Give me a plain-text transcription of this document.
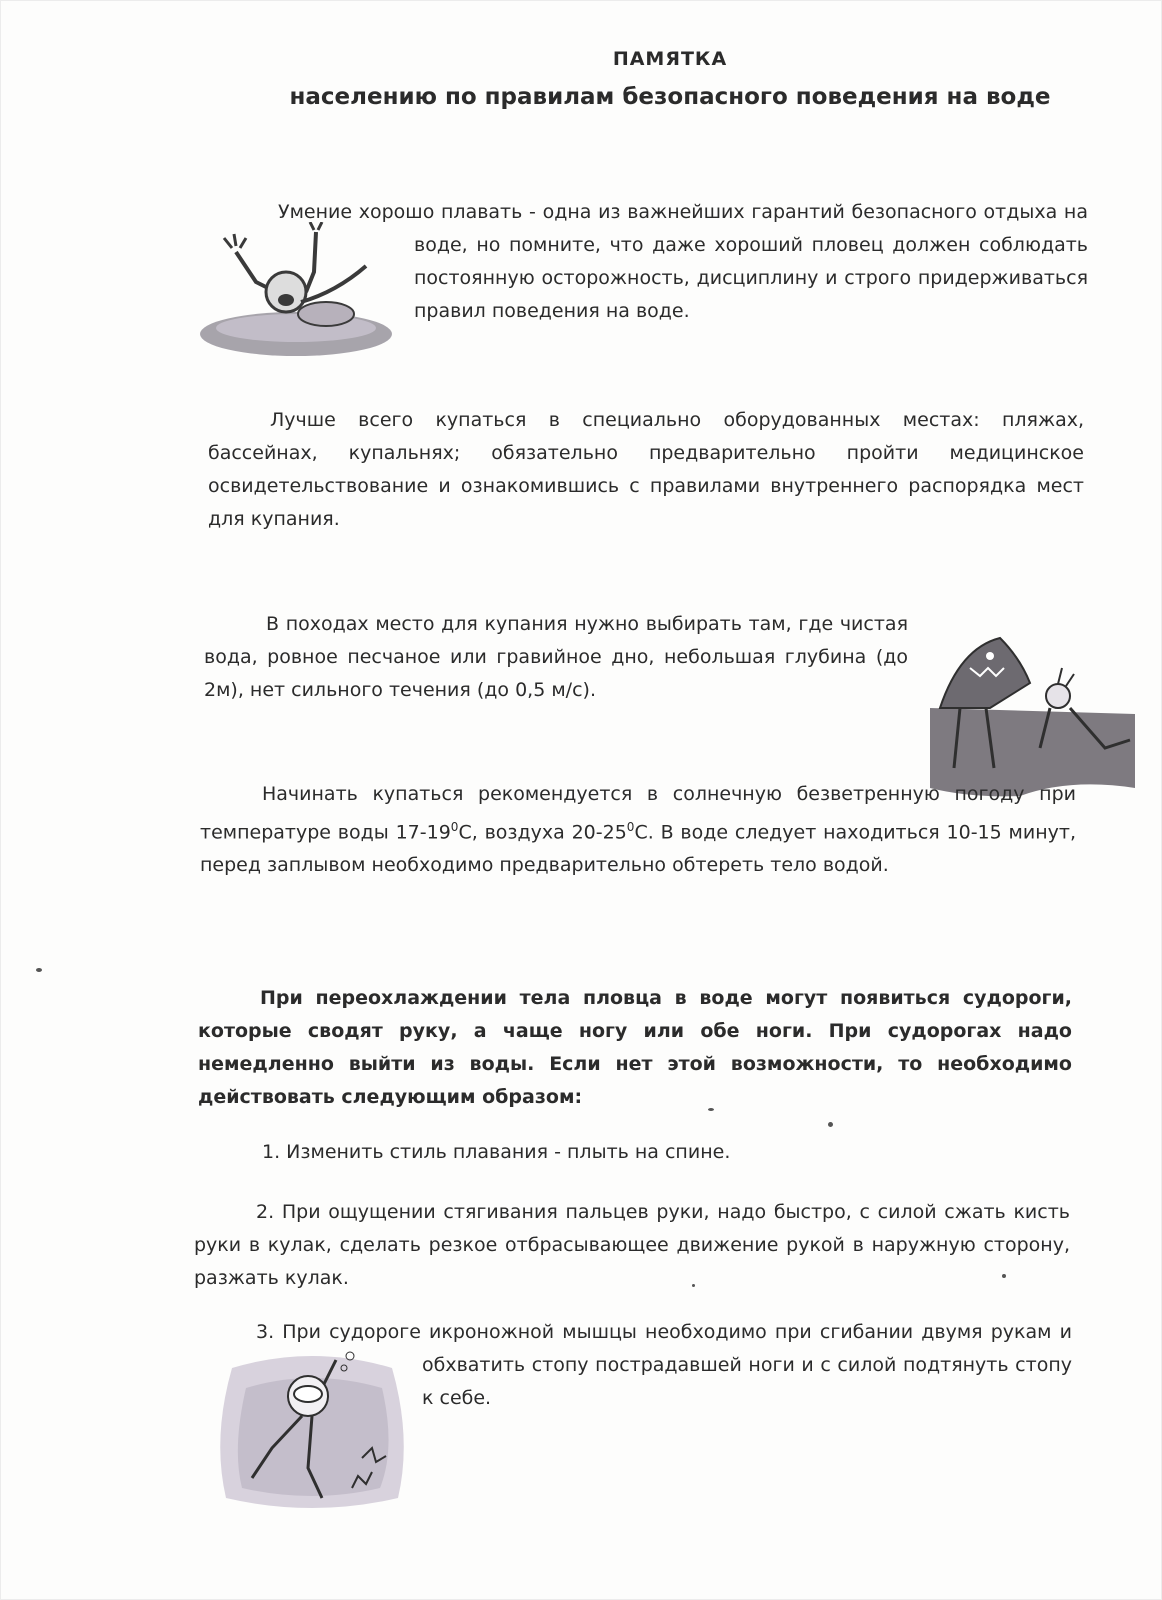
ПАМЯТКА
населению по правилам безопасного поведения на воде

Умение хорошо плавать - одна из важнейших гарантий безопасного отдыха на воде, но помните, что даже хороший пловец должен соблюдать постоянную осторожность, дисциплину и строго придерживаться правил поведения на воде.

Лучше всего купаться в специально оборудованных местах: пляжах, бассейнах, купальнях; обязательно предварительно пройти медицинское освидетельствование и ознакомившись с правилами внутреннего распорядка мест для купания.

В походах место для купания нужно выбирать там, где чистая вода, ровное песчаное или гравийное дно, небольшая глубина (до 2м), нет сильного течения (до 0,5 м/с).

Начинать купаться рекомендуется в солнечную безветренную погоду при температуре воды $17-19^0С$, воздуха $20-25^0С$. В воде следует находиться 10-15 минут, перед заплывом необходимо предварительно обтереть тело водой.

При переохлаждении тела пловца в воде могут появиться судороги, которые сводят руку, а чаще ногу или обе ноги. При судорогах надо немедленно выйти из воды. Если нет этой возможности, то необходимо действовать следующим образом:

1. Изменить стиль плавания - плыть на спине.

2. При ощущении стягивания пальцев руки, надо быстро, с силой сжать кисть руки в кулак, сделать резкое отбрасывающее движение рукой в наружную сторону, разжать кулак.

3. При судороге икроножной мышцы необходимо при сгибании двумя рукам и обхватить стопу пострадавшей ноги и с силой подтянуть стопу к себе.
